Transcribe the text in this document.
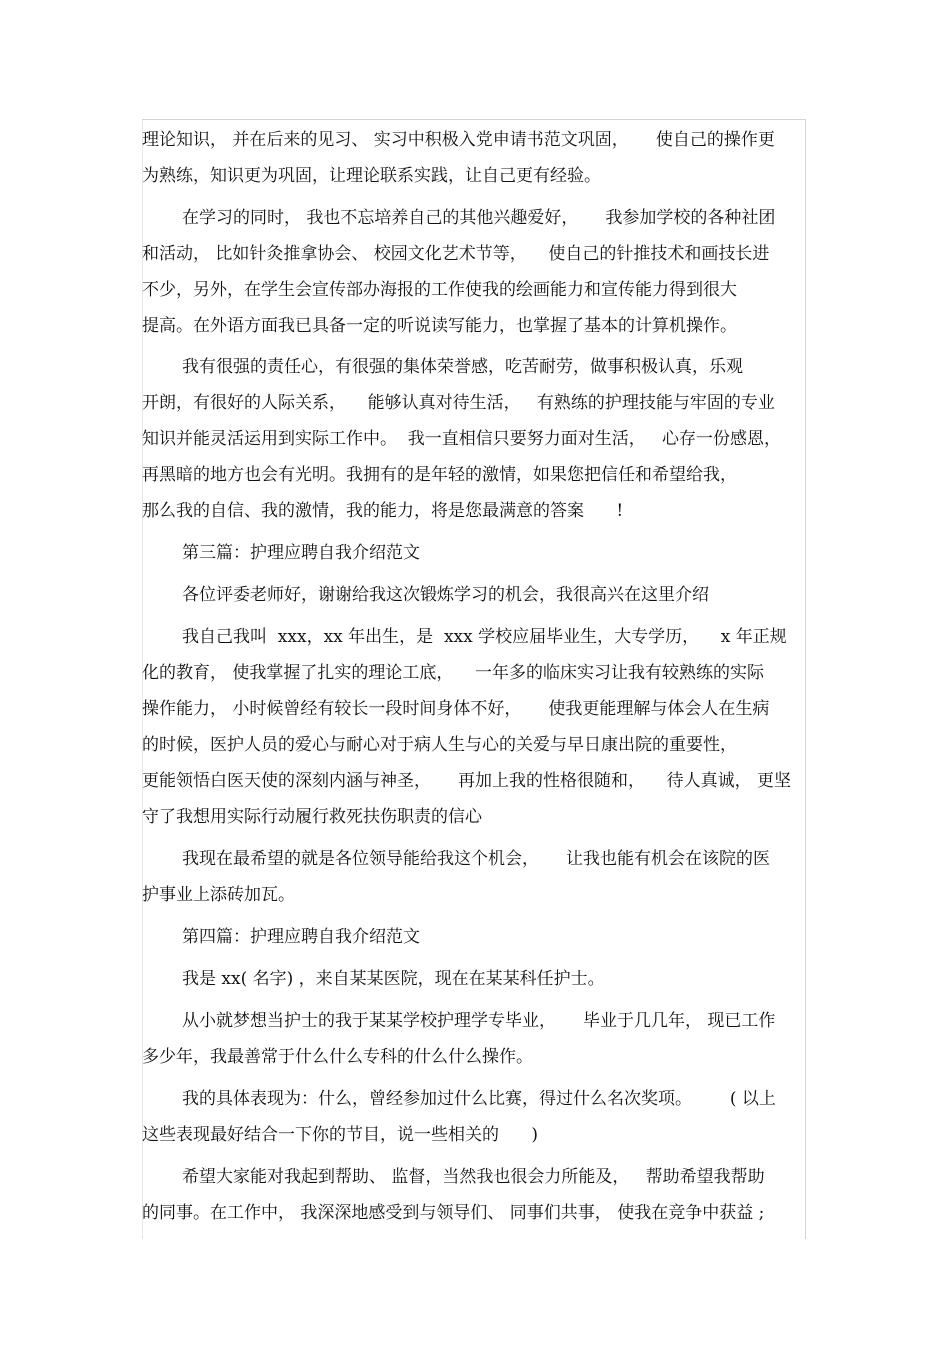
理论知识， 并在后来的见习、 实习中积极入党申请书范文巩固，     使自己的操作更
为熟练，知识更为巩固，让理论联系实践，让自己更有经验。
在学习的同时， 我也不忘培养自己的其他兴趣爱好，     我参加学校的各种社团
和活动， 比如针灸推拿协会、 校园文化艺术节等，    使自己的针推技术和画技长进
不少，另外，在学生会宣传部办海报的工作使我的绘画能力和宣传能力得到很大
提高。在外语方面我已具备一定的听说读写能力，也掌握了基本的计算机操作。
我有很强的责任心，有很强的集体荣誉感，吃苦耐劳，做事积极认真，乐观
开朗，有很好的人际关系，    能够认真对待生活，   有熟练的护理技能与牢固的专业
知识并能灵活运用到实际工作中。  我一直相信只要努力面对生活，   心存一份感恩，
再黑暗的地方也会有光明。我拥有的是年轻的激情，如果您把信任和希望给我，
那么我的自信、我的激情，我的能力，将是您最满意的答案      !
第三篇：护理应聘自我介绍范文
各位评委老师好，谢谢给我这次锻炼学习的机会，我很高兴在这里介绍
我自己我叫  xxx，xx 年出生，是  xxx 学校应届毕业生，大专学历，    x 年正规
化的教育， 使我掌握了扎实的理论工底，    一年多的临床实习让我有较熟练的实际
操作能力， 小时候曾经有较长一段时间身体不好，     使我更能理解与体会人在生病
的时候，医护人员的爱心与耐心对于病人生与心的关爱与早日康出院的重要性，
更能领悟白医天使的深刻内涵与神圣，     再加上我的性格很随和，    待人真诚， 更坚
守了我想用实际行动履行救死扶伤职责的信心
我现在最希望的就是各位领导能给我这个机会，     让我也能有机会在该院的医
护事业上添砖加瓦。
第四篇：护理应聘自我介绍范文
我是 xx( 名字) ，来自某某医院，现在在某某科任护士。
从小就梦想当护士的我于某某学校护理学专毕业，     毕业于几几年， 现已工作
多少年，我最善常于什么什么专科的什么什么操作。
我的具体表现为：什么，曾经参加过什么比赛，得过什么名次奖项。       ( 以上
这些表现最好结合一下你的节目，说一些相关的      )
希望大家能对我起到帮助、 监督，当然我也很会力所能及，   帮助希望我帮助
的同事。在工作中， 我深深地感受到与领导们、 同事们共事， 使我在竞争中获益 ;
